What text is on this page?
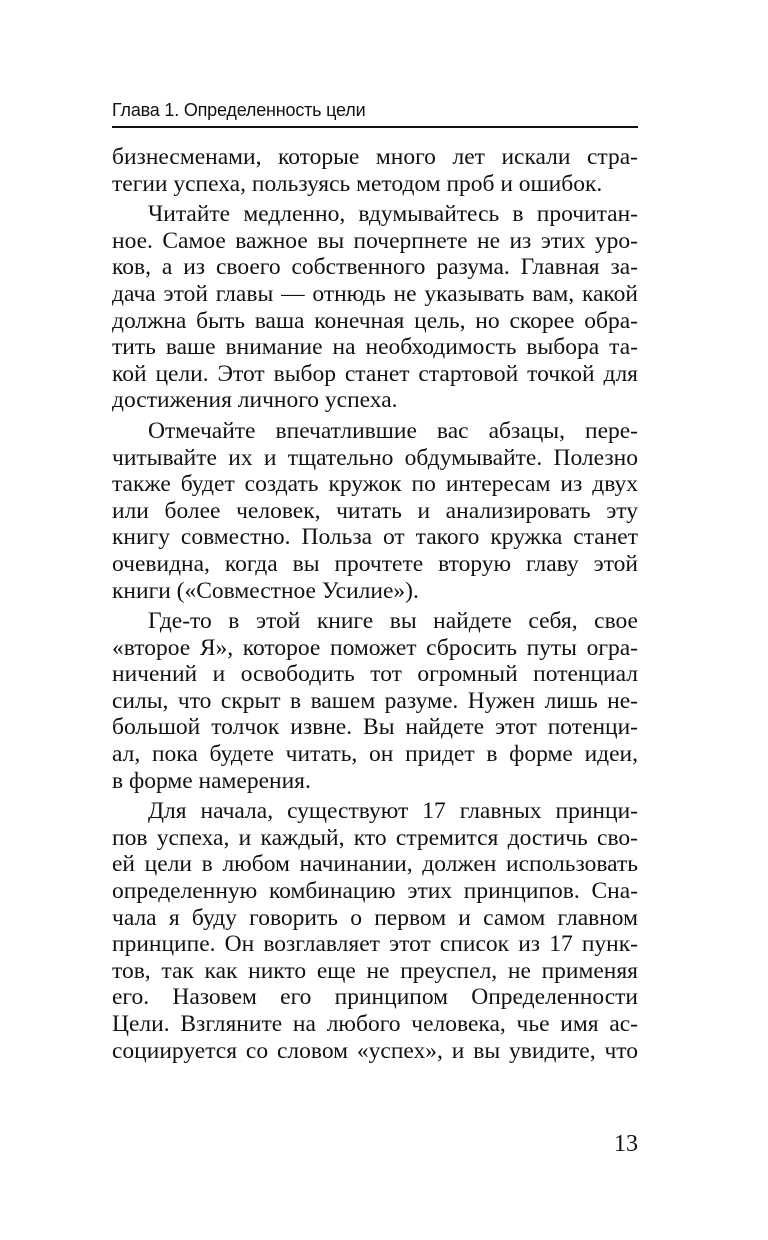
Глава 1. Определенность цели
бизнесменами, которые много лет искали стра-
тегии успеха, пользуясь методом проб и ошибок.
Читайте медленно, вдумывайтесь в прочитан-
ное. Самое важное вы почерпнете не из этих уро-
ков, а из своего собственного разума. Главная за-
дача этой главы — отнюдь не указывать вам, какой
должна быть ваша конечная цель, но скорее обра-
тить ваше внимание на необходимость выбора та-
кой цели. Этот выбор станет стартовой точкой для
достижения личного успеха.
Отмечайте впечатлившие вас абзацы, пере-
читывайте их и тщательно обдумывайте. Полезно
также будет создать кружок по интересам из двух
или более человек, читать и анализировать эту
книгу совместно. Польза от такого кружка станет
очевидна, когда вы прочтете вторую главу этой
книги («Совместное Усилие»).
Где-то в этой книге вы найдете себя, свое
«второе Я», которое поможет сбросить путы огра-
ничений и освободить тот огромный потенциал
силы, что скрыт в вашем разуме. Нужен лишь не-
большой толчок извне. Вы найдете этот потенци-
ал, пока будете читать, он придет в форме идеи,
в форме намерения.
Для начала, существуют 17 главных принци-
пов успеха, и каждый, кто стремится достичь сво-
ей цели в любом начинании, должен использовать
определенную комбинацию этих принципов. Сна-
чала я буду говорить о первом и самом главном
принципе. Он возглавляет этот список из 17 пунк-
тов, так как никто еще не преуспел, не применяя
его. Назовем его принципом Определенности
Цели. Взгляните на любого человека, чье имя ас-
социируется со словом «успех», и вы увидите, что
13
